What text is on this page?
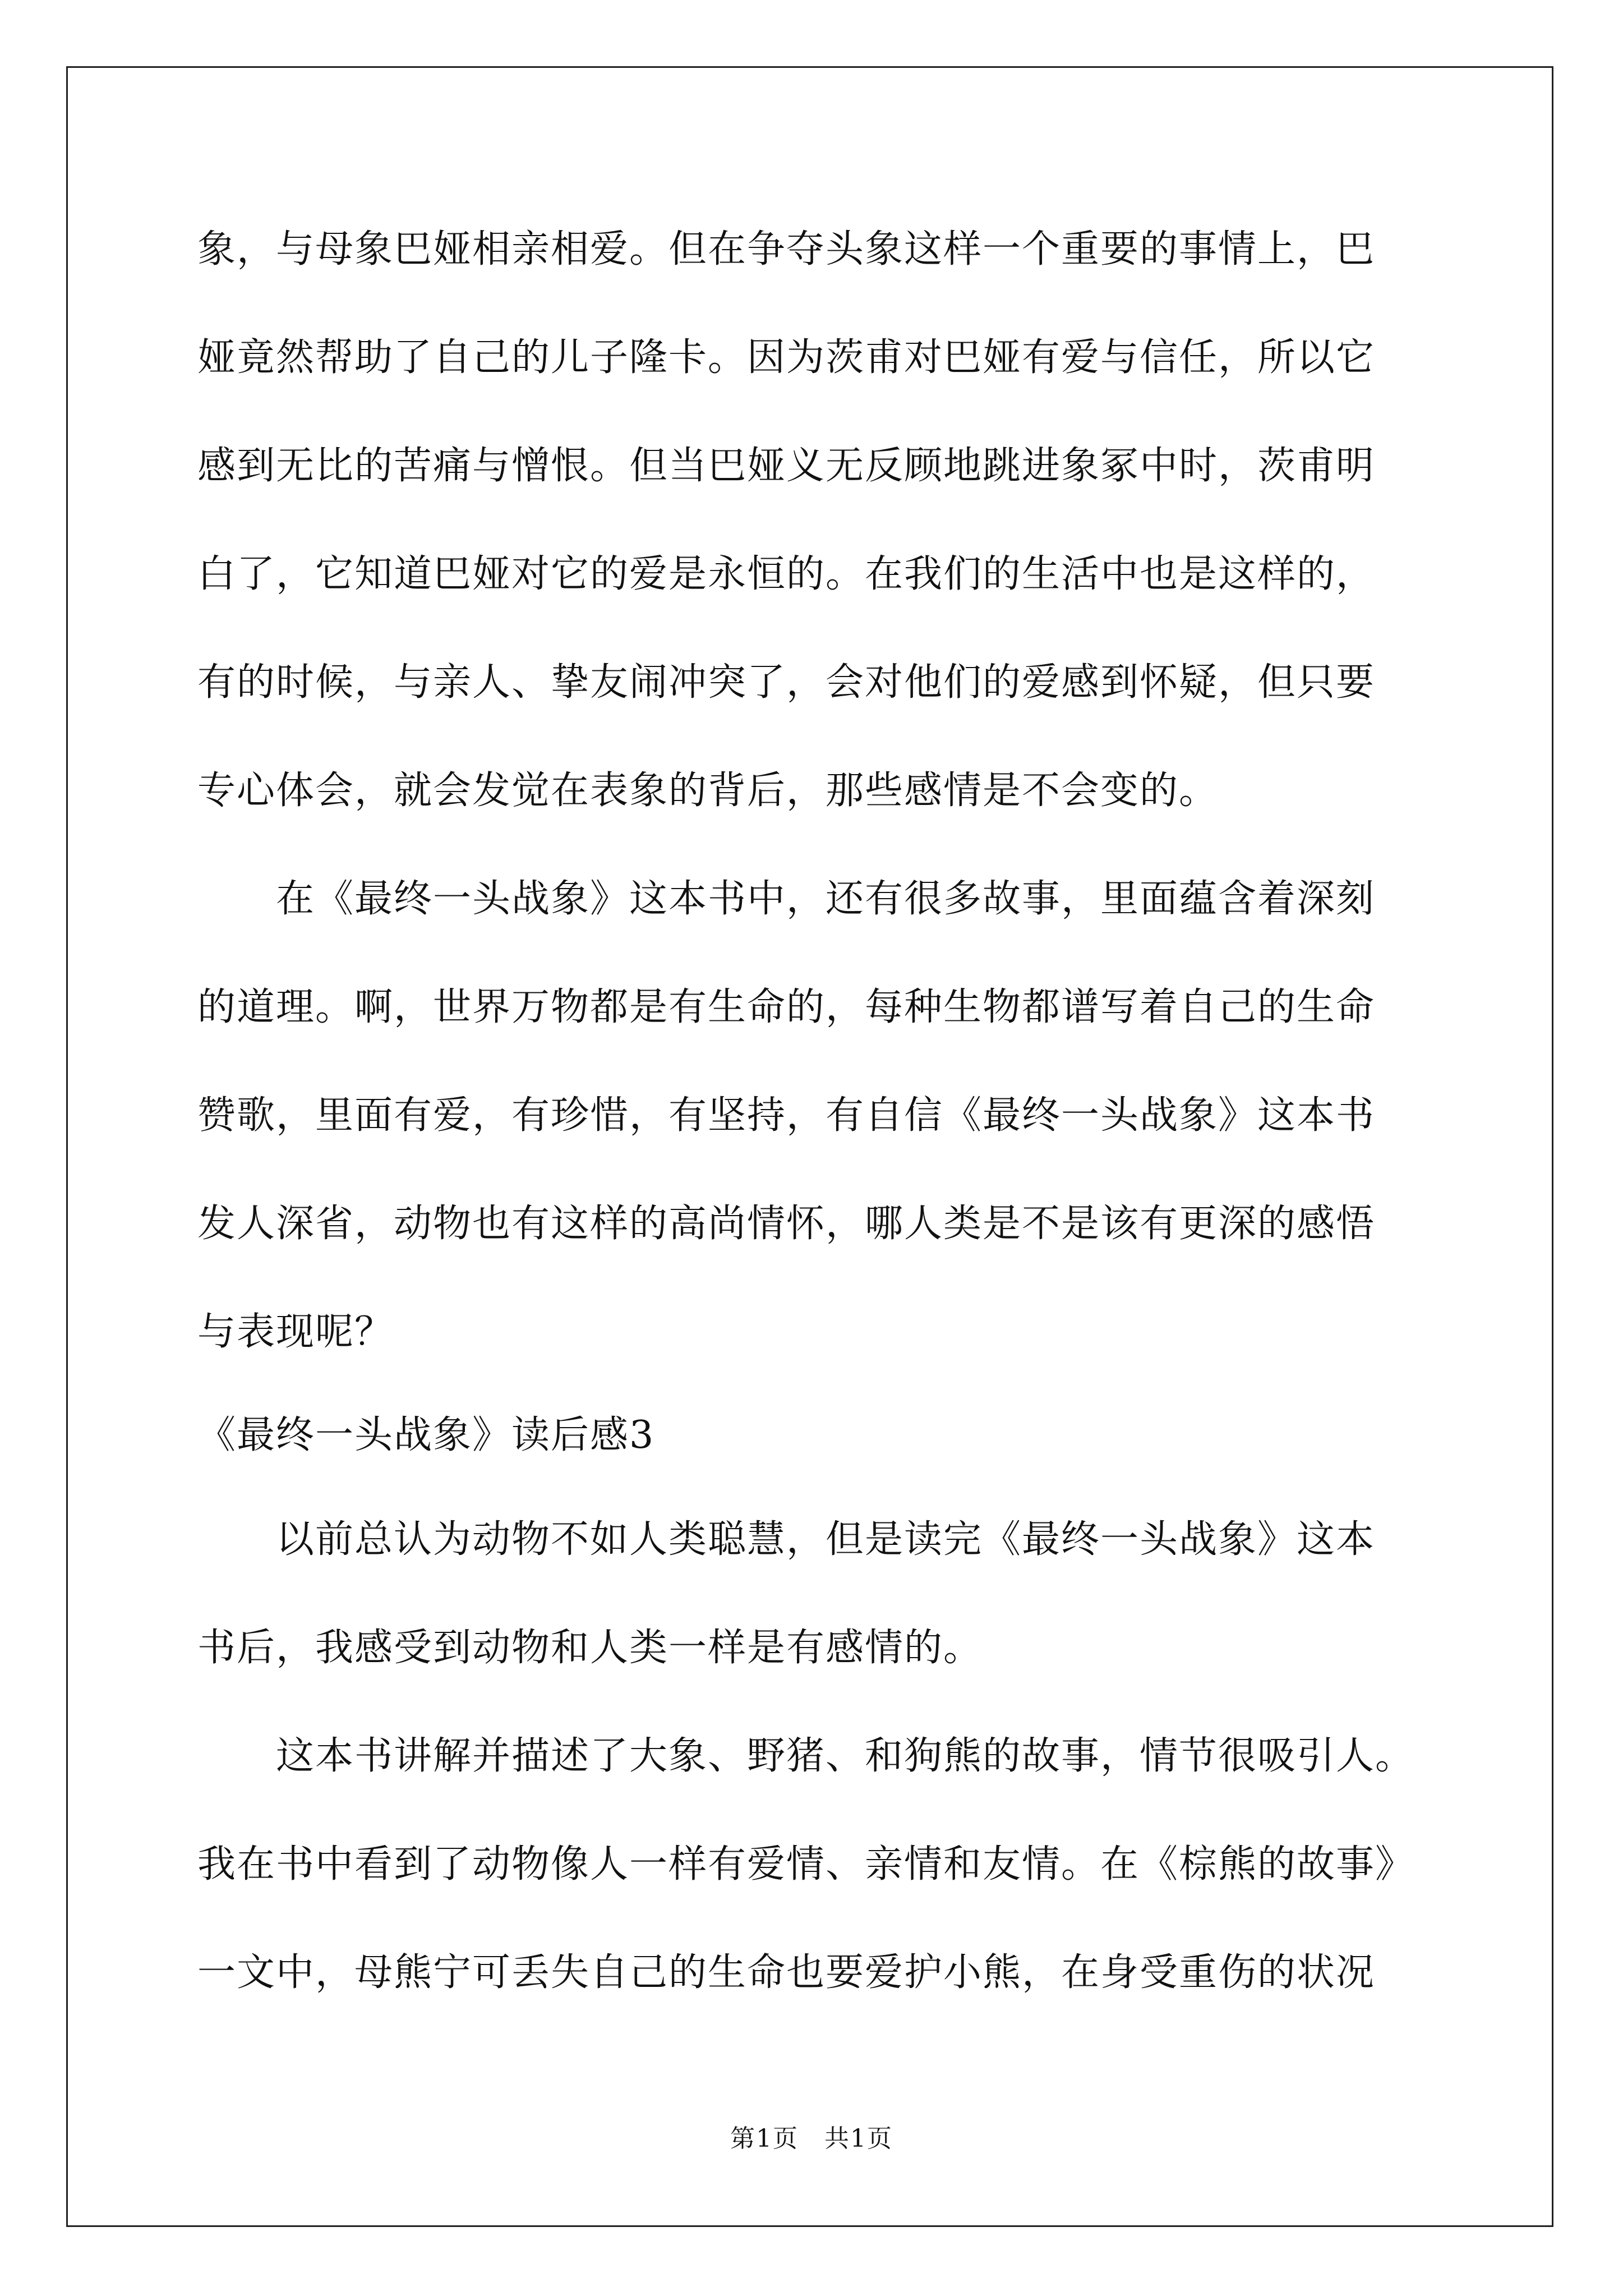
象，与母象巴娅相亲相爱。但在争夺头象这样一个重要的事情上，巴

娅竟然帮助了自己的儿子隆卡。因为茨甫对巴娅有爱与信任，所以它

感到无比的苦痛与憎恨。但当巴娅义无反顾地跳进象冢中时，茨甫明

白了，它知道巴娅对它的爱是永恒的。在我们的生活中也是这样的，

有的时候，与亲人、挚友闹冲突了，会对他们的爱感到怀疑，但只要

专心体会，就会发觉在表象的背后，那些感情是不会变的。

　　在《最终一头战象》这本书中，还有很多故事，里面蕴含着深刻

的道理。啊，世界万物都是有生命的，每种生物都谱写着自己的生命

赞歌，里面有爱，有珍惜，有坚持，有自信《最终一头战象》这本书

发人深省，动物也有这样的高尚情怀，哪人类是不是该有更深的感悟

与表现呢？

《最终一头战象》读后感3

　　以前总认为动物不如人类聪慧，但是读完《最终一头战象》这本

书后，我感受到动物和人类一样是有感情的。

　　这本书讲解并描述了大象、野猪、和狗熊的故事，情节很吸引人。

我在书中看到了动物像人一样有爱情、亲情和友情。在《棕熊的故事》

一文中，母熊宁可丢失自己的生命也要爱护小熊，在身受重伤的状况

第1页　共1页
